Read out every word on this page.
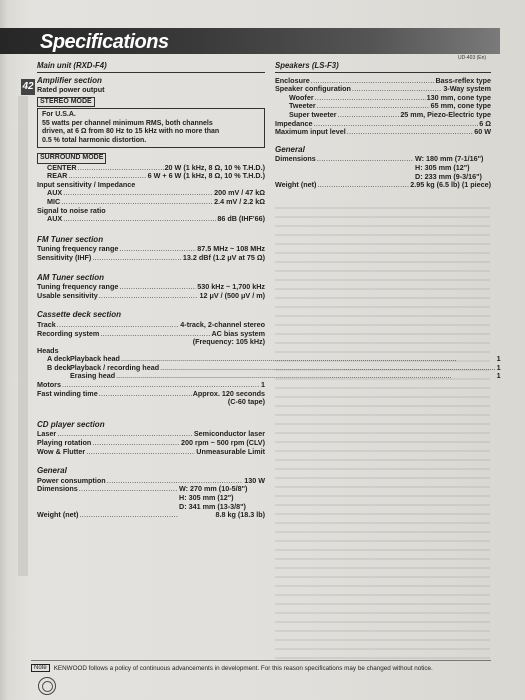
Specifications
UD-403 (En)
42
Main unit (RXD-F4)
Amplifier section
Rated power output
STEREO MODE
For U.S.A.
55 watts per channel minimum RMS, both channels
driven, at 6 Ω from 80 Hz to 15 kHz with no more than
0.5 % total harmonic distortion.
SURROUND MODE
CENTER .....	20 W (1 kHz, 8 Ω, 10 % T.H.D.)
REAR .....	6 W + 6 W (1 kHz, 8 Ω, 10 % T.H.D.)
Input sensitivity / Impedance
AUX .....	200 mV / 47 kΩ
MIC .....	2.4 mV / 2.2 kΩ
Signal to noise ratio
AUX .....	86 dB (IHF'66)
FM Tuner section
Tuning frequency range .....	87.5 MHz ~ 108 MHz
Sensitivity (IHF) .....	13.2 dBf (1.2 μV at 75 Ω)
AM Tuner section
Tuning frequency range .....	530 kHz ~ 1,700 kHz
Usable sensitivity .....	12 μV / (500 μV / m)
Cassette deck section
Track .....	4-track, 2-channel stereo
Recording system .....	AC bias system
(Frequency: 105 kHz)
Heads
A deck Playback head .....	1
B deck Playback / recording head .....	1
Erasing head .....	1
Motors .....	1
Fast winding time .....	Approx. 120 seconds
(C-60 tape)
CD player section
Laser .....	Semiconductor laser
Playing rotation .....	200 rpm ~ 500 rpm (CLV)
Wow & Flutter .....	Unmeasurable Limit
General
Power consumption .....	130 W
Dimensions .....	W: 270 mm (10-5/8")
H: 305 mm (12")
D: 341 mm (13-3/8")
Weight (net) .....	8.8 kg (18.3 lb)
Speakers (LS-F3)
Enclosure .....	Bass-reflex type
Speaker configuration .....	3-Way system
Woofer .....	130 mm, cone type
Tweeter .....	65 mm, cone type
Super tweeter .....	25 mm, Piezo-Electric type
Impedance .....	6 Ω
Maximum input level .....	60 W
General
Dimensions .....	W: 180 mm (7-1/16")
H: 305 mm (12")
D: 233 mm (9-3/16")
Weight (net) .....	2.95 kg (6.5 lb) (1 piece)
Note	KENWOOD follows a policy of continuous advancements in development. For this reason specifications may be changed without notice.
